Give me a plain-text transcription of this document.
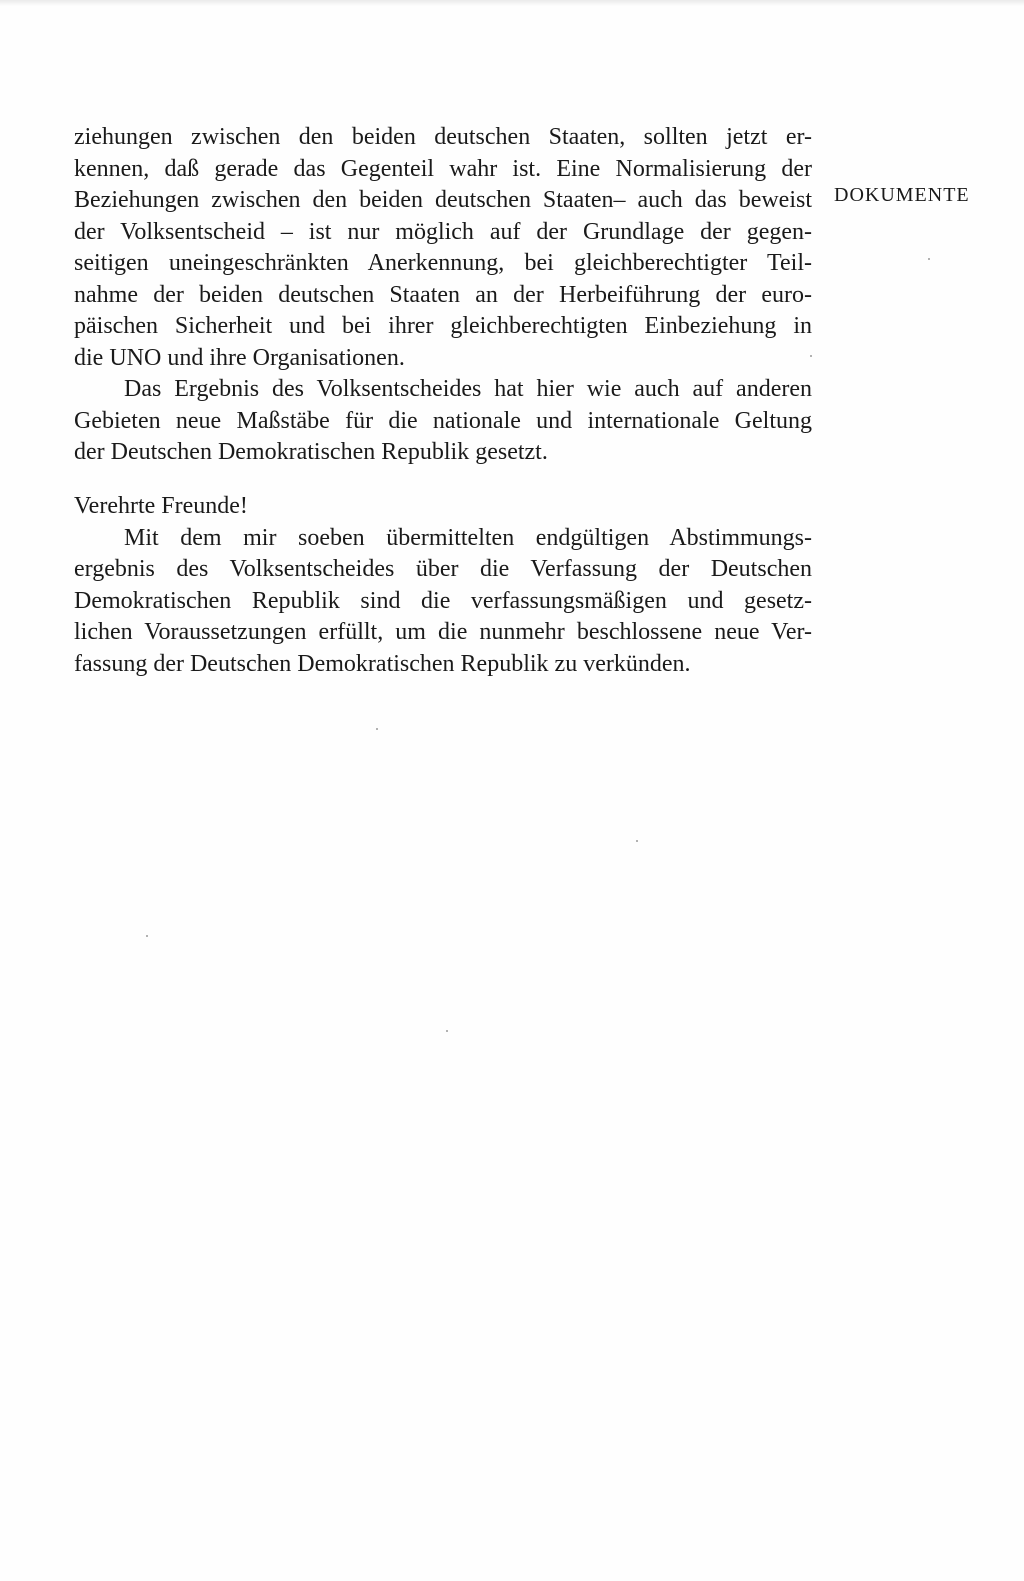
ziehungen zwischen den beiden deutschen Staaten, sollten jetzt er-
kennen, daß gerade das Gegenteil wahr ist. Eine Normalisierung der
Beziehungen zwischen den beiden deutschen Staaten– auch das beweist
der Volksentscheid – ist nur möglich auf der Grundlage der gegen-
seitigen uneingeschränkten Anerkennung, bei gleichberechtigter Teil-
nahme der beiden deutschen Staaten an der Herbeiführung der euro-
päischen Sicherheit und bei ihrer gleichberechtigten Einbeziehung in
die UNO und ihre Organisationen.
Das Ergebnis des Volksentscheides hat hier wie auch auf anderen
Gebieten neue Maßstäbe für die nationale und internationale Geltung
der Deutschen Demokratischen Republik gesetzt.
DOKUMENTE
Verehrte Freunde!
Mit dem mir soeben übermittelten endgültigen Abstimmungs-
ergebnis des Volksentscheides über die Verfassung der Deutschen
Demokratischen Republik sind die verfassungsmäßigen und gesetz-
lichen Voraussetzungen erfüllt, um die nunmehr beschlossene neue Ver-
fassung der Deutschen Demokratischen Republik zu verkünden.
